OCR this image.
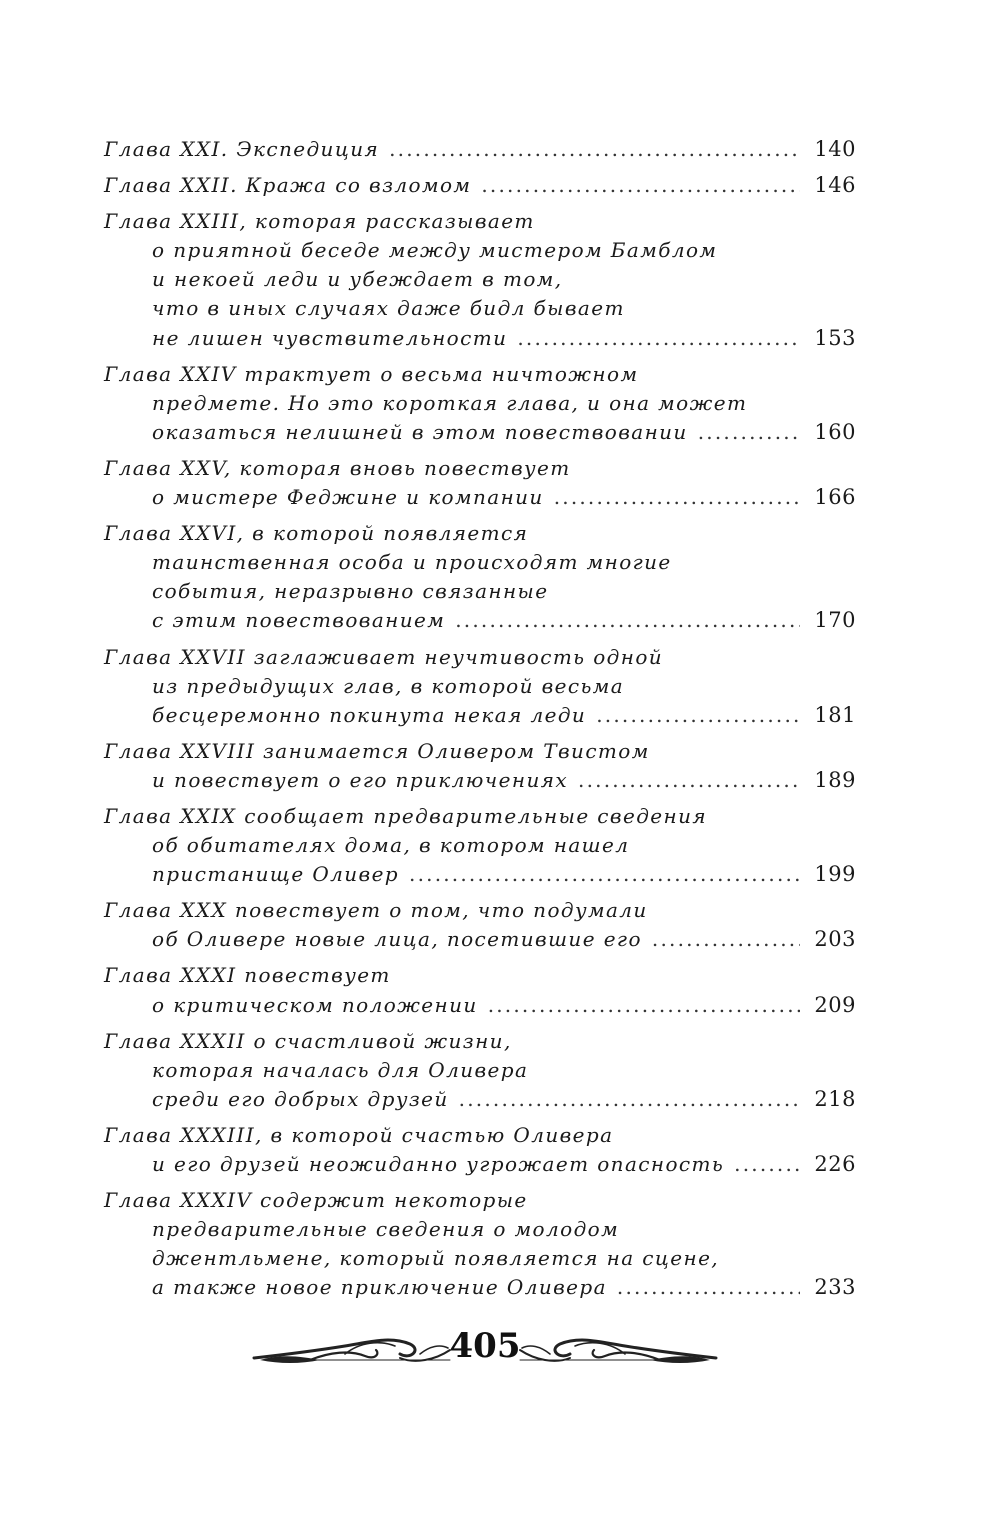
Глава XXI. Экспедиция .....	140
Глава XXII. Кража со взломом .....	146
Глава XXIII, которая рассказывает
о приятной беседе между мистером Бамблом
и некоей леди и убеждает в том,
что в иных случаях даже бидл бывает
не лишен чувствительности .....	153
Глава XXIV трактует о весьма ничтожном
предмете. Но это короткая глава, и она может
оказаться нелишней в этом повествовании .....	160
Глава XXV, которая вновь повествует
о мистере Феджине и компании .....	166
Глава XXVI, в которой появляется
таинственная особа и происходят многие
события, неразрывно связанные
с этим повествованием .....	170
Глава XXVII заглаживает неучтивость одной
из предыдущих глав, в которой весьма
бесцеремонно покинута некая леди .....	181
Глава XXVIII занимается Оливером Твистом
и повествует о его приключениях .....	189
Глава XXIX сообщает предварительные сведения
об обитателях дома, в котором нашел
пристанище Оливер .....	199
Глава XXX повествует о том, что подумали
об Оливере новые лица, посетившие его .....	203
Глава XXXI повествует
о критическом положении .....	209
Глава XXXII о счастливой жизни,
которая началась для Оливера
среди его добрых друзей .....	218
Глава XXXIII, в которой счастью Оливера
и его друзей неожиданно угрожает опасность .....	226
Глава XXXIV содержит некоторые
предварительные сведения о молодом
джентльмене, который появляется на сцене,
а также новое приключение Оливера .....	233
405
